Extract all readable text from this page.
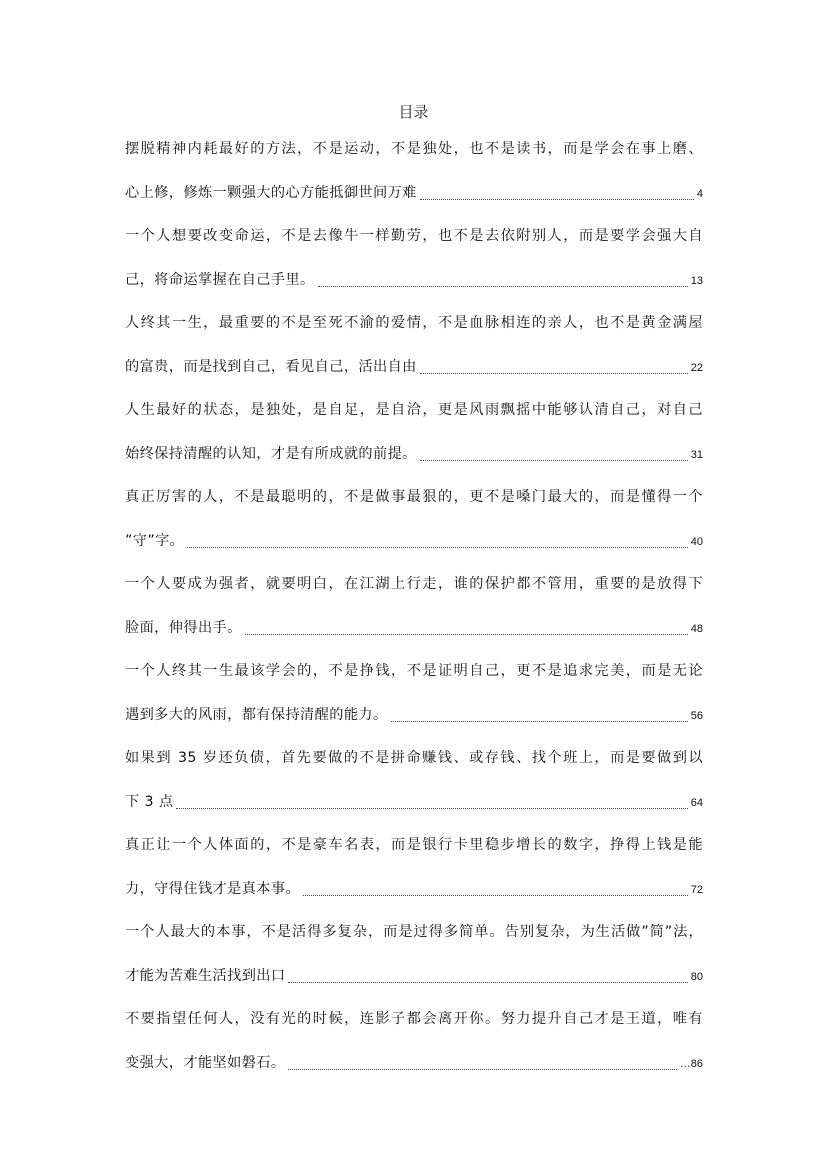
目录
摆脱精神内耗最好的方法，不是运动，不是独处，也不是读书，而是学会在事上磨、
心上修，修炼一颗强大的心方能抵御世间万难	4
一个人想要改变命运，不是去像牛一样勤劳，也不是去依附别人，而是要学会强大自
己，将命运掌握在自己手里。	13
人终其一生，最重要的不是至死不渝的爱情，不是血脉相连的亲人，也不是黄金满屋
的富贵，而是找到自己，看见自己，活出自由	22
人生最好的状态，是独处，是自足，是自洽，更是风雨飘摇中能够认清自己，对自己
始终保持清醒的认知，才是有所成就的前提。	31
真正厉害的人，不是最聪明的，不是做事最狠的，更不是嗓门最大的，而是懂得一个
”守”字。	40
一个人要成为强者，就要明白，在江湖上行走，谁的保护都不管用，重要的是放得下
脸面，伸得出手。	48
一个人终其一生最该学会的，不是挣钱，不是证明自己，更不是追求完美，而是无论
遇到多大的风雨，都有保持清醒的能力。	56
如果到 35 岁还负债，首先要做的不是拼命赚钱、或存钱、找个班上，而是要做到以
下 3 点	64
真正让一个人体面的，不是豪车名表，而是银行卡里稳步增长的数字，挣得上钱是能
力，守得住钱才是真本事。	72
一个人最大的本事，不是活得多复杂，而是过得多简单。告别复杂，为生活做”简”法，
才能为苦难生活找到出口	80
不要指望任何人，没有光的时候，连影子都会离开你。努力提升自己才是王道，唯有
变强大，才能坚如磐石。	…86
